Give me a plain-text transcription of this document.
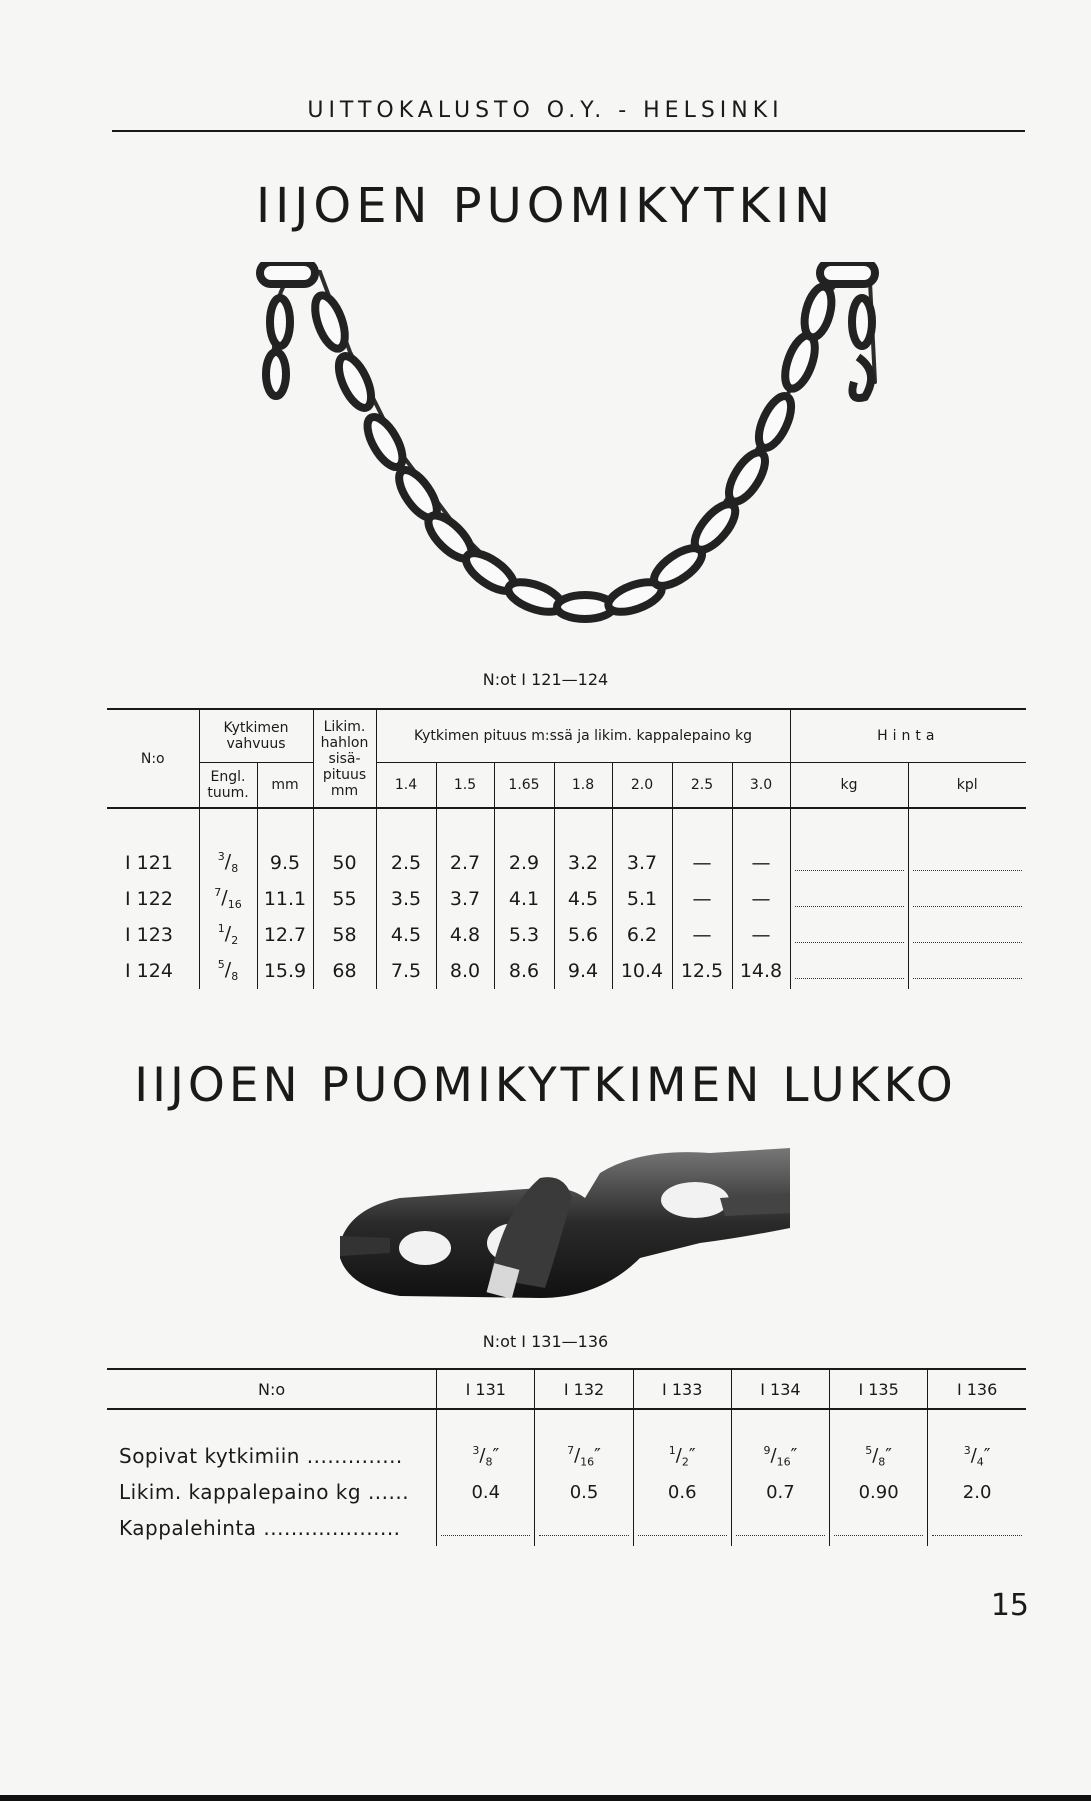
UITTOKALUSTO O.Y. - HELSINKI
IIJOEN PUOMIKYTKIN
N:ot I 121—124
N:o	Kytkimen vahvuus		Likim. hahlon sisä-pituus mm	Kytkimen pituus m:ssä ja likim. kappalepaino kg							Hinta	
	Engl. tuum.	mm		1.4	1.5	1.65	1.8	2.0	2.5	3.0	kg	kpl

I 121	$^3/_8$	9.5	50	2.5	2.7	2.9	3.2	3.7	—	—	

I 122	$^7/_{16}$	11.1	55	3.5	3.7	4.1	4.5	5.1	—	—	

I 123	$^1/_2$	12.7	58	4.5	4.8	5.3	5.6	6.2	—	—	

I 124	$^5/_8$	15.9	68	7.5	8.0	8.6	9.4	10.4	12.5	14.8	

IIJOEN PUOMIKYTKIMEN LUKKO
N:ot I 131—136
N:o	I 131	I 132	I 133	I 134	I 135	I 136

Sopivat kytkimiin ..............	$^3/_8''$	$^7/_{16}''$	$^1/_2''$	$^9/_{16}''$	$^5/_8''$	$^3/_4''$
Likim. kappalepaino kg ......	0.4	0.5	0.6	0.7	0.90	2.0
Kappalehinta ....................	

15
